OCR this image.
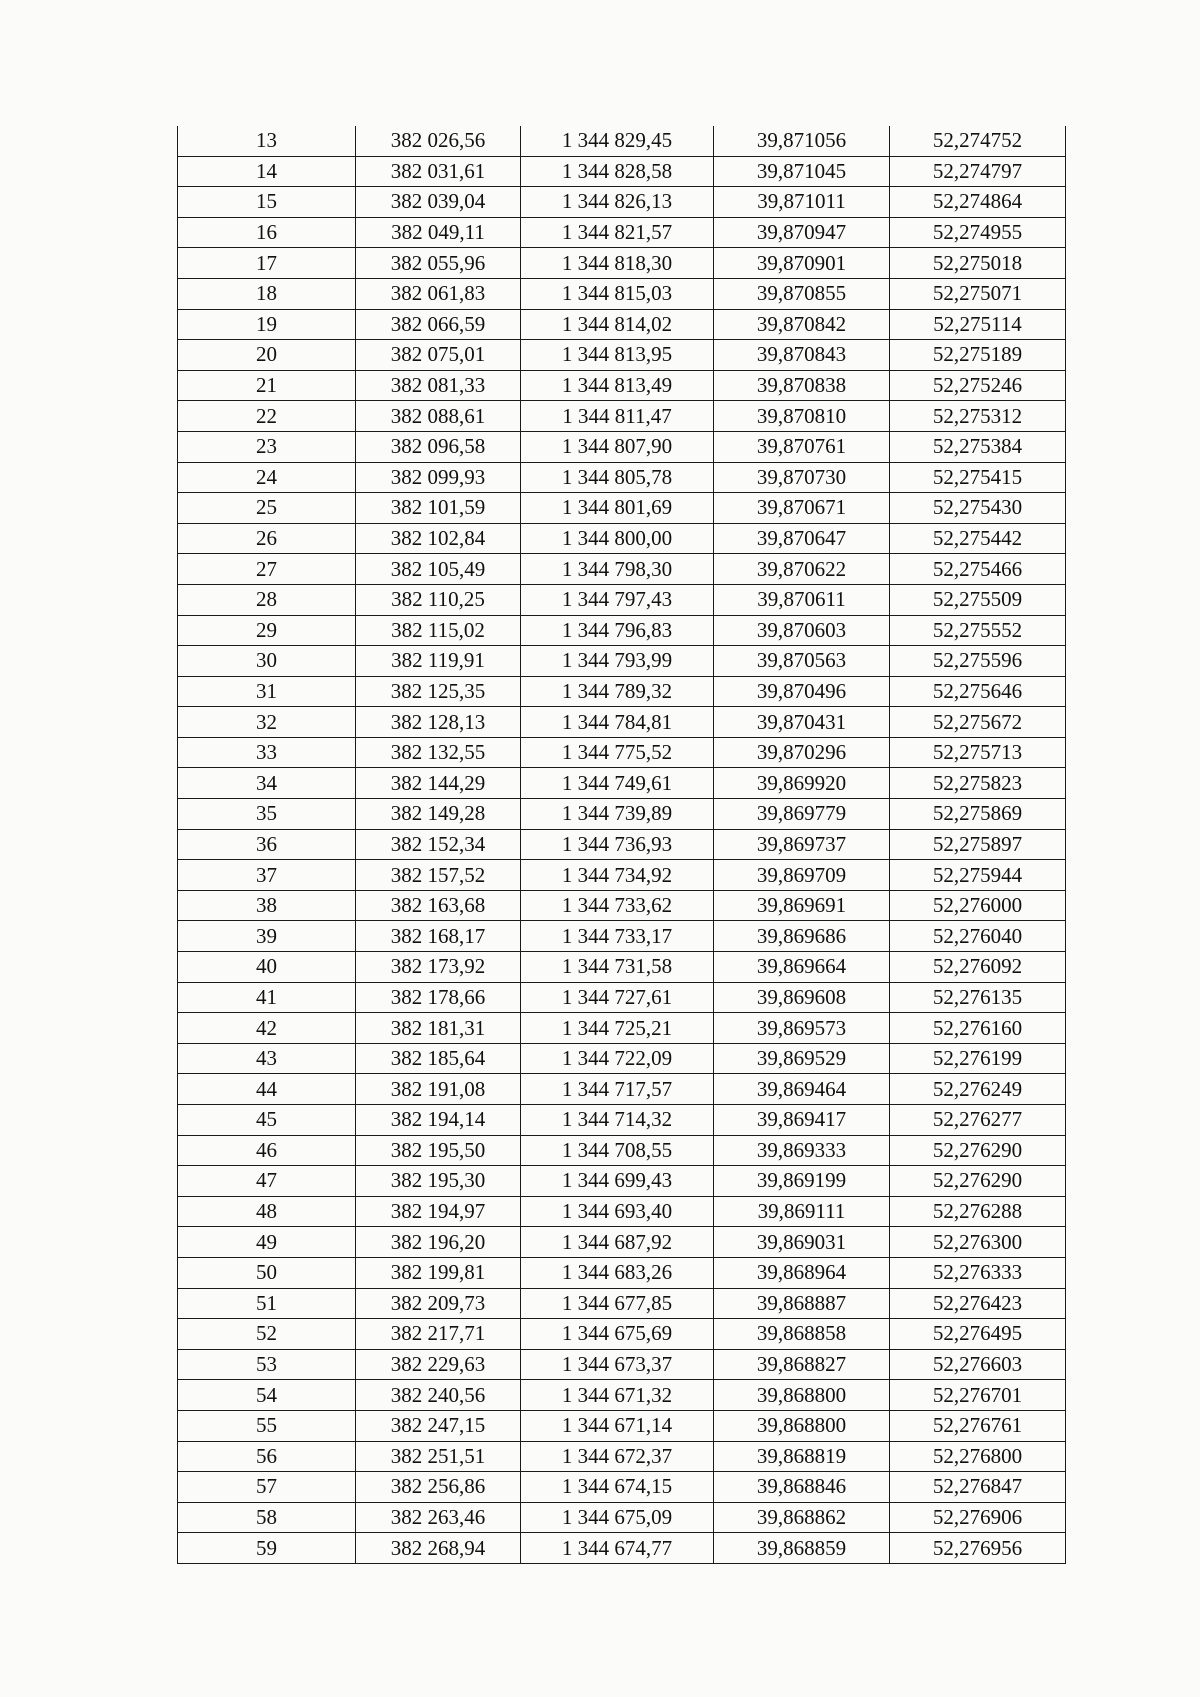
13	382 026,56	1 344 829,45	39,871056	52,274752
14	382 031,61	1 344 828,58	39,871045	52,274797
15	382 039,04	1 344 826,13	39,871011	52,274864
16	382 049,11	1 344 821,57	39,870947	52,274955
17	382 055,96	1 344 818,30	39,870901	52,275018
18	382 061,83	1 344 815,03	39,870855	52,275071
19	382 066,59	1 344 814,02	39,870842	52,275114
20	382 075,01	1 344 813,95	39,870843	52,275189
21	382 081,33	1 344 813,49	39,870838	52,275246
22	382 088,61	1 344 811,47	39,870810	52,275312
23	382 096,58	1 344 807,90	39,870761	52,275384
24	382 099,93	1 344 805,78	39,870730	52,275415
25	382 101,59	1 344 801,69	39,870671	52,275430
26	382 102,84	1 344 800,00	39,870647	52,275442
27	382 105,49	1 344 798,30	39,870622	52,275466
28	382 110,25	1 344 797,43	39,870611	52,275509
29	382 115,02	1 344 796,83	39,870603	52,275552
30	382 119,91	1 344 793,99	39,870563	52,275596
31	382 125,35	1 344 789,32	39,870496	52,275646
32	382 128,13	1 344 784,81	39,870431	52,275672
33	382 132,55	1 344 775,52	39,870296	52,275713
34	382 144,29	1 344 749,61	39,869920	52,275823
35	382 149,28	1 344 739,89	39,869779	52,275869
36	382 152,34	1 344 736,93	39,869737	52,275897
37	382 157,52	1 344 734,92	39,869709	52,275944
38	382 163,68	1 344 733,62	39,869691	52,276000
39	382 168,17	1 344 733,17	39,869686	52,276040
40	382 173,92	1 344 731,58	39,869664	52,276092
41	382 178,66	1 344 727,61	39,869608	52,276135
42	382 181,31	1 344 725,21	39,869573	52,276160
43	382 185,64	1 344 722,09	39,869529	52,276199
44	382 191,08	1 344 717,57	39,869464	52,276249
45	382 194,14	1 344 714,32	39,869417	52,276277
46	382 195,50	1 344 708,55	39,869333	52,276290
47	382 195,30	1 344 699,43	39,869199	52,276290
48	382 194,97	1 344 693,40	39,869111	52,276288
49	382 196,20	1 344 687,92	39,869031	52,276300
50	382 199,81	1 344 683,26	39,868964	52,276333
51	382 209,73	1 344 677,85	39,868887	52,276423
52	382 217,71	1 344 675,69	39,868858	52,276495
53	382 229,63	1 344 673,37	39,868827	52,276603
54	382 240,56	1 344 671,32	39,868800	52,276701
55	382 247,15	1 344 671,14	39,868800	52,276761
56	382 251,51	1 344 672,37	39,868819	52,276800
57	382 256,86	1 344 674,15	39,868846	52,276847
58	382 263,46	1 344 675,09	39,868862	52,276906
59	382 268,94	1 344 674,77	39,868859	52,276956
